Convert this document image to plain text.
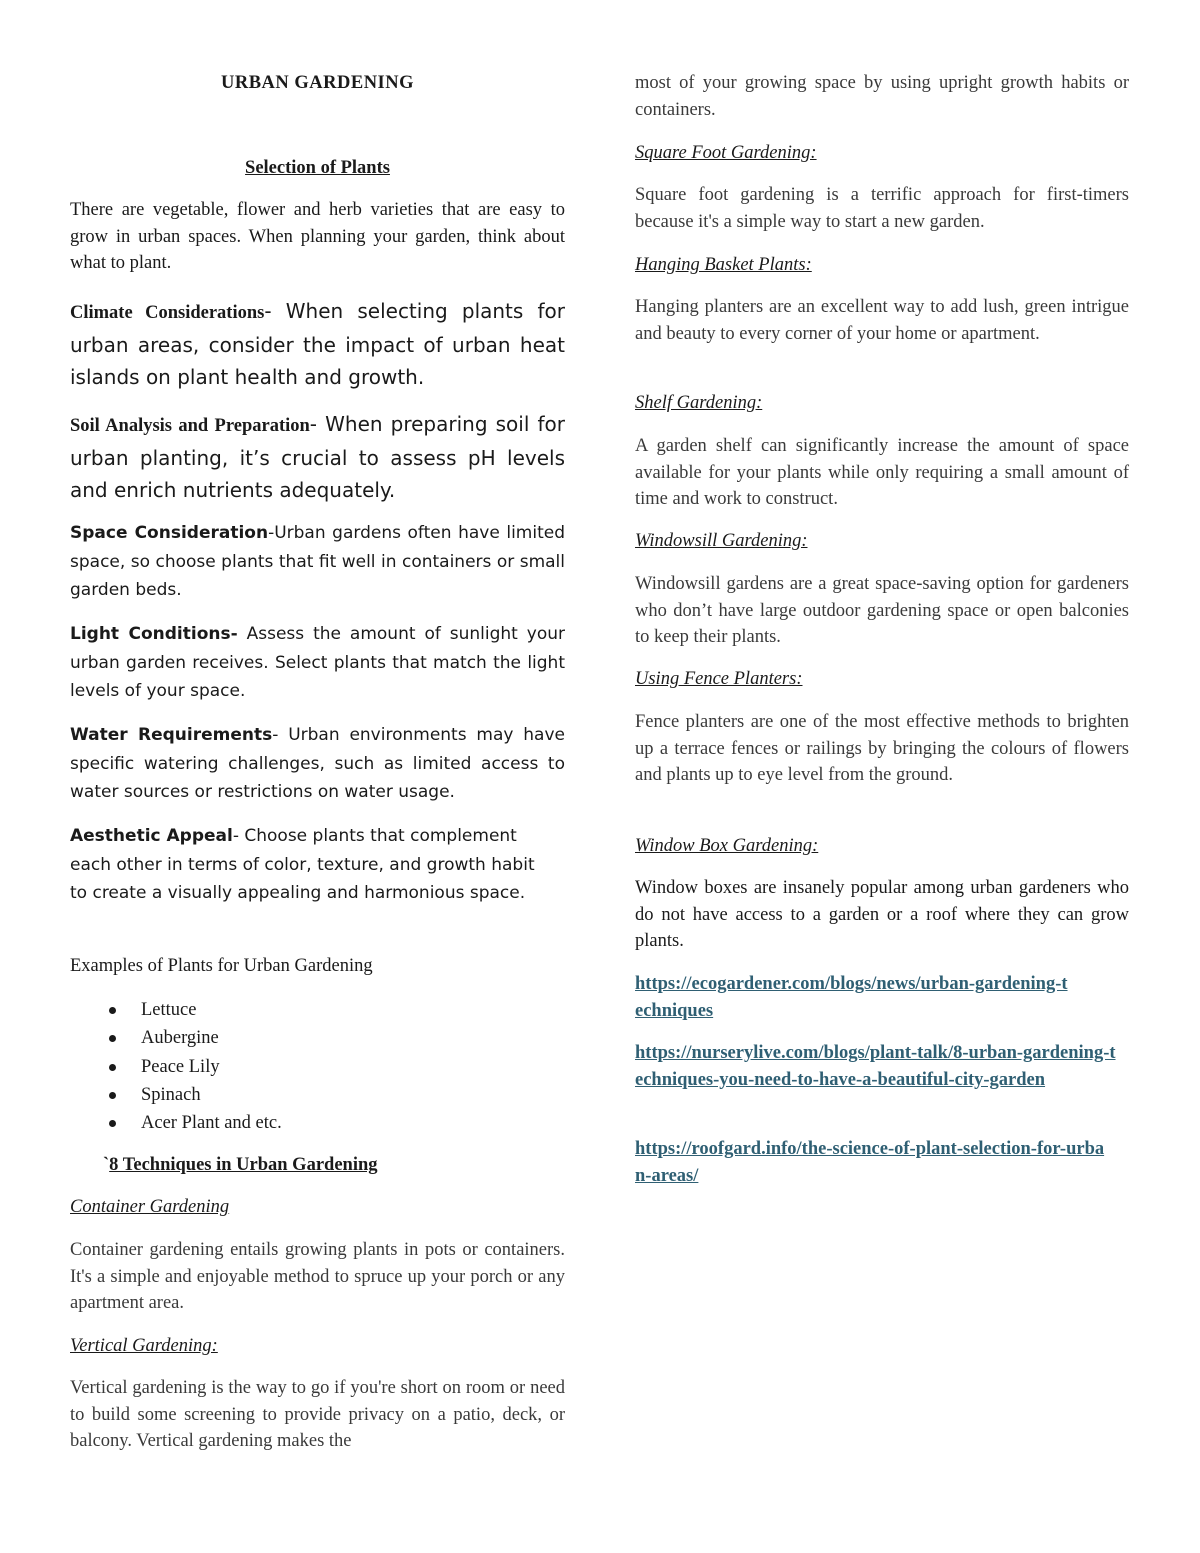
URBAN GARDENING
Selection of Plants

There are vegetable, flower and herb varieties that are easy to grow in urban spaces. When planning your garden, think about what to plant.

Climate Considerations- When selecting plants for urban areas, consider the impact of urban heat islands on plant health and growth.

Soil Analysis and Preparation- When preparing soil for urban planting, it’s crucial to assess pH levels and enrich nutrients adequately.

Space Consideration-Urban gardens often have limited space, so choose plants that fit well in containers or small garden beds.

Light Conditions- Assess the amount of sunlight your urban garden receives. Select plants that match the light levels of your space.

Water Requirements- Urban environments may have specific watering challenges, such as limited access to water sources or restrictions on water usage.

Aesthetic Appeal- Choose plants that complement each other in terms of color, texture, and growth habit to create a visually appealing and harmonious space.

Examples of Plants for Urban Gardening

Lettuce
Aubergine
Peace Lily
Spinach
Acer Plant and etc.
`8 Techniques in Urban Gardening
Container Gardening

Container gardening entails growing plants in pots or containers. It's a simple and enjoyable method to spruce up your porch or any apartment area.

Vertical Gardening:

Vertical gardening is the way to go if you're short on room or need to build some screening to provide privacy on a patio, deck, or balcony. Vertical gardening makes the

most of your growing space by using upright growth habits or containers.

Square Foot Gardening:

Square foot gardening is a terrific approach for first-timers because it's a simple way to start a new garden.

Hanging Basket Plants:

Hanging planters are an excellent way to add lush, green intrigue and beauty to every corner of your home or apartment.

Shelf Gardening:

A garden shelf can significantly increase the amount of space available for your plants while only requiring a small amount of time and work to construct.

Windowsill Gardening:

Windowsill gardens are a great space-saving option for gardeners who don’t have large outdoor gardening space or open balconies to keep their plants.

Using Fence Planters:

Fence planters are one of the most effective methods to brighten up a terrace fences or railings by bringing the colours of flowers and plants up to eye level from the ground.

Window Box Gardening:

Window boxes are insanely popular among urban gardeners who do not have access to a garden or a roof where they can grow plants.

https://ecogardener.com/blogs/news/urban-gardening-techniques
https://nurserylive.com/blogs/plant-talk/8-urban-gardening-techniques-you-need-to-have-a-beautiful-city-garden
https://roofgard.info/the-science-of-plant-selection-for-urban-areas/
